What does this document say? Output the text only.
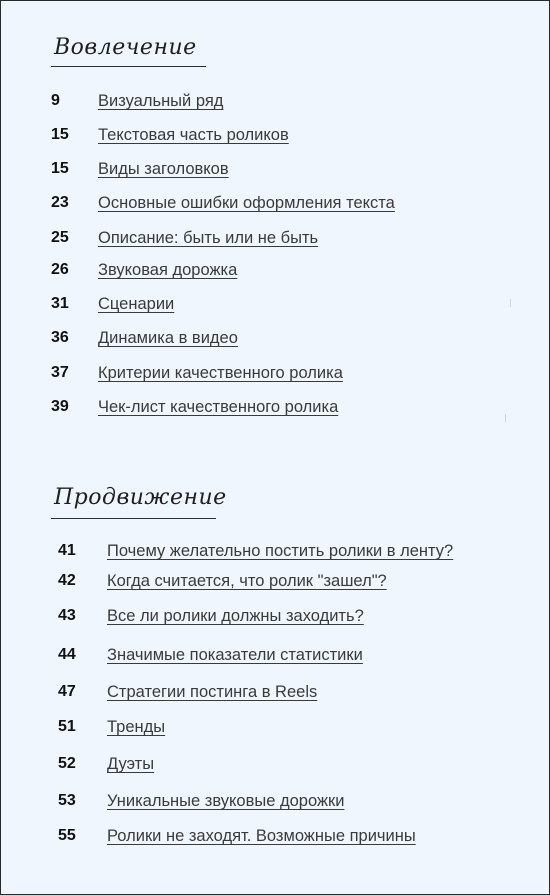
Вовлечение
9 Визуальный ряд
15 Текстовая часть роликов
15 Виды заголовков
23 Основные ошибки оформления текста
25 Описание: быть или не быть
26 Звуковая дорожка
31 Сценарии
36 Динамика в видео
37 Критерии качественного ролика
39 Чек-лист качественного ролика
Продвижение
41 Почему желательно постить ролики в ленту?
42 Когда считается, что ролик "зашел"?
43 Все ли ролики должны заходить?
44 Значимые показатели статистики
47 Стратегии постинга в Reels
51 Тренды
52 Дуэты
53 Уникальные звуковые дорожки
55 Ролики не заходят. Возможные причины
